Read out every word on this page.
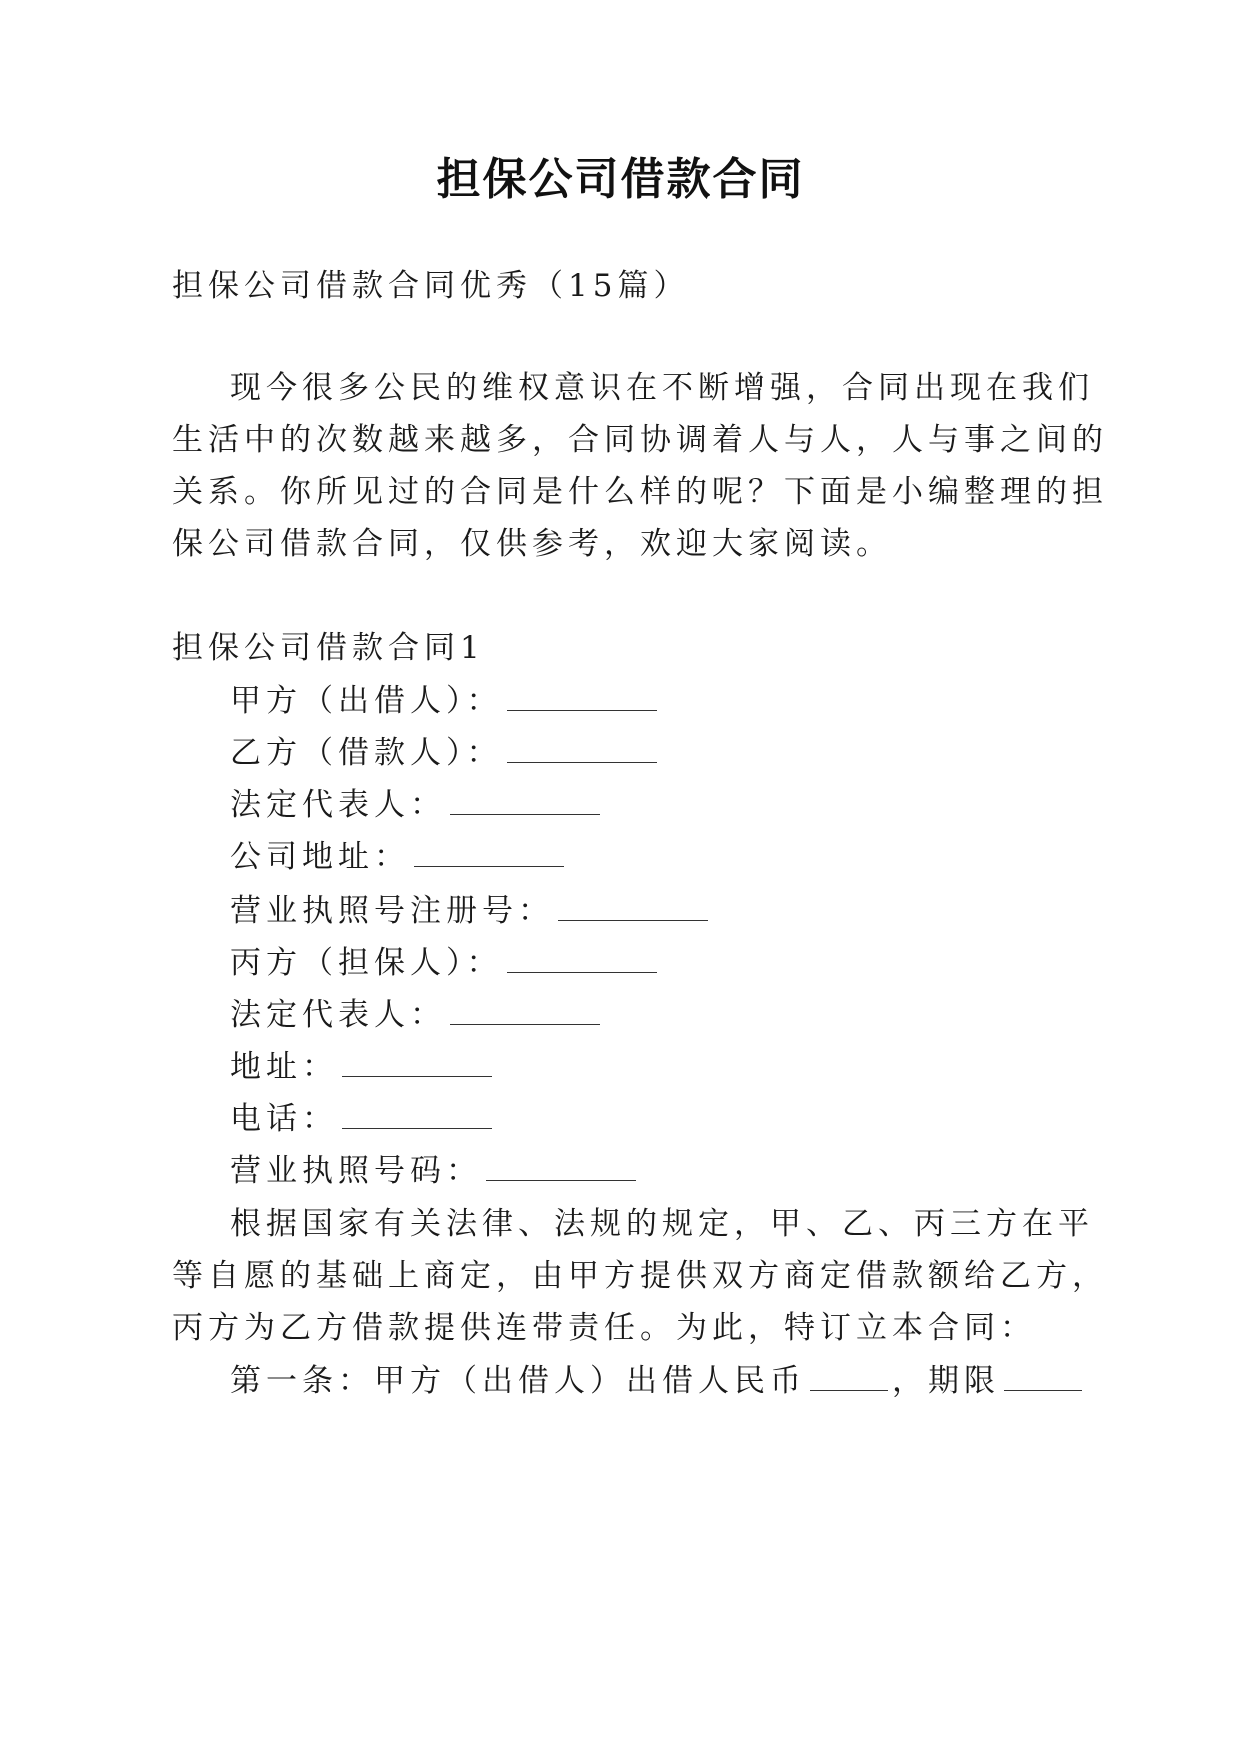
担保公司借款合同
担保公司借款合同优秀（15篇）
现今很多公民的维权意识在不断增强，合同出现在我们
生活中的次数越来越多，合同协调着人与人，人与事之间的
关系。你所见过的合同是什么样的呢？下面是小编整理的担
保公司借款合同，仅供参考，欢迎大家阅读。
担保公司借款合同1
甲方（出借人）：
乙方（借款人）：
法定代表人：
公司地址：
营业执照号注册号：
丙方（担保人）：
法定代表人：
地址：
电话：
营业执照号码：
根据国家有关法律、法规的规定，甲、乙、丙三方在平
等自愿的基础上商定，由甲方提供双方商定借款额给乙方，
丙方为乙方借款提供连带责任。为此，特订立本合同：
第一条：甲方（出借人）出借人民币	，期限
